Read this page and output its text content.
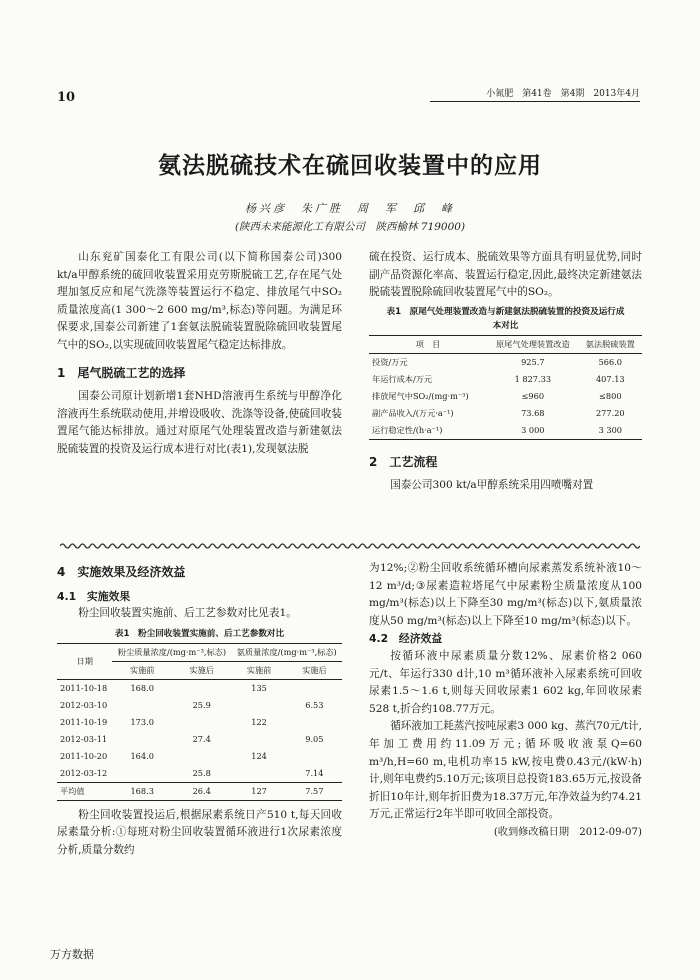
10	小氮肥　第41卷　第4期　2013年4月
氨法脱硫技术在硫回收装置中的应用
杨兴彦　朱广胜　周　军　邱　峰
(陕西未来能源化工有限公司　陕西榆林 719000)

山东兖矿国泰化工有限公司(以下简称国泰公司)300 kt/a甲醇系统的硫回收装置采用克劳斯脱硫工艺,存在尾气处理加氢反应和尾气洗涤等装置运行不稳定、排放尾气中SO₂质量浓度高(1 300～2 600 mg/m³,标态)等问题。为满足环保要求,国泰公司新建了1套氨法脱硫装置脱除硫回收装置尾气中的SO₂,以实现硫回收装置尾气稳定达标排放。

1　尾气脱硫工艺的选择

国泰公司原计划新增1套NHD溶液再生系统与甲醇净化溶液再生系统联动使用,并增设吸收、洗涤等设备,使硫回收装置尾气能达标排放。通过对原尾气处理装置改造与新建氨法脱硫装置的投资及运行成本进行对比(表1),发现氨法脱

硫在投资、运行成本、脱硫效果等方面具有明显优势,同时副产品资源化率高、装置运行稳定,因此,最终决定新建氨法脱硫装置脱除硫回收装置尾气中的SO₂。

表1　原尾气处理装置改造与新建氨法脱硫装置的投资及运行成本对比
项　目	原尾气处理装置改造	氨法脱硫装置
投资/万元	925.7	566.0
年运行成本/万元	1 827.33	407.13
排放尾气中SO₂/(mg·m⁻³)	≤960	≤800
副产品收入/(万元·a⁻¹)	73.68	277.20
运行稳定性/(h·a⁻¹)	3 000	3 300
2　工艺流程

国泰公司300 kt/a甲醇系统采用四喷嘴对置

4　实施效果及经济效益
4.1　实施效果

粉尘回收装置实施前、后工艺参数对比见表1。

表1　粉尘回收装置实施前、后工艺参数对比
日期	粉尘质量浓度/(mg·m⁻³,标态)		氨质量浓度/(mg·m⁻³,标态)	
	实施前	实施后	实施前	实施后
2011-10-18	168.0		135	
2012-03-10		25.9		6.53
2011-10-19	173.0		122	
2012-03-11		27.4		9.05
2011-10-20	164.0		124	
2012-03-12		25.8		7.14
平均值	168.3	26.4	127	7.57

粉尘回收装置投运后,根据尿素系统日产510 t,每天回收尿素量分析:①每班对粉尘回收装置循环液进行1次尿素浓度分析,质量分数约

为12%;②粉尘回收系统循环槽向尿素蒸发系统补液10～12 m³/d;③尿素造粒塔尾气中尿素粉尘质量浓度从100 mg/m³(标态)以上下降至30 mg/m³(标态)以下,氨质量浓度从50 mg/m³(标态)以上下降至10 mg/m³(标态)以下。

4.2　经济效益

按循环液中尿素质量分数12%、尿素价格2 060元/t、年运行330 d计,10 m³循环液补入尿素系统可回收尿素1.5～1.6 t,则每天回收尿素1 602 kg,年回收尿素528 t,折合约108.77万元。

循环液加工耗蒸汽按吨尿素3 000 kg、蒸汽70元/t计,年加工费用约11.09万元;循环吸收液泵Q=60 m³/h,H=60 m,电机功率15 kW,按电费0.43元/(kW·h)计,则年电费约5.10万元;该项目总投资183.65万元,按设备折旧10年计,则年折旧费为18.37万元,年净效益为约74.21万元,正常运行2年半即可收回全部投资。

(收到修改稿日期　2012-09-07)
万方数据
